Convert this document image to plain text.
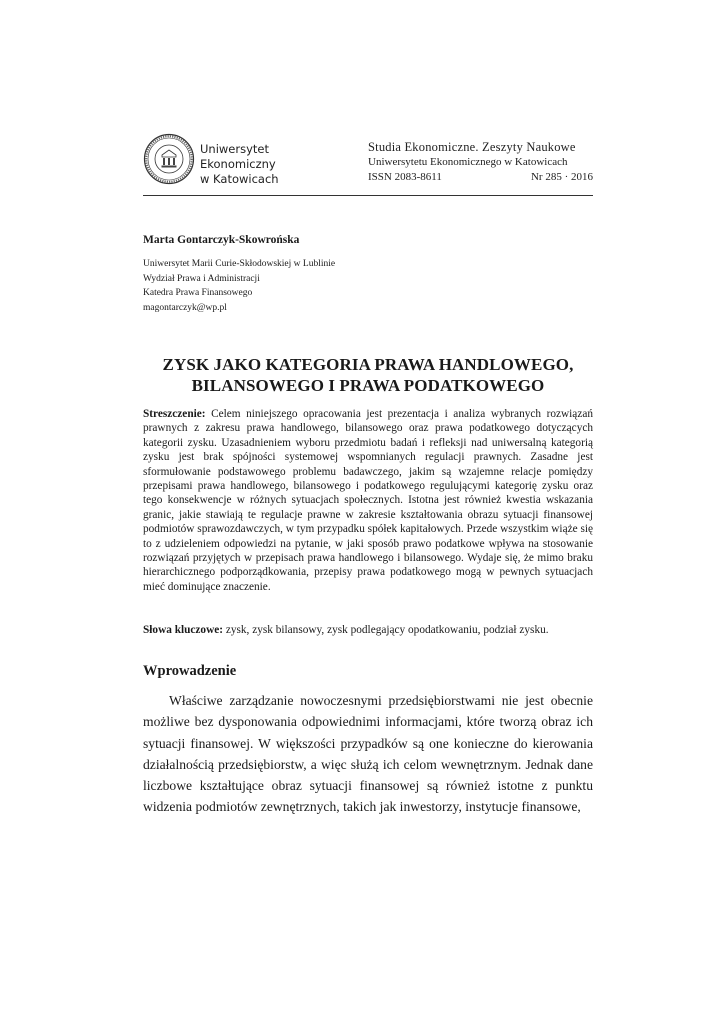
Uniwersytet
Ekonomiczny
w Katowicach
Studia Ekonomiczne. Zeszyty Naukowe
Uniwersytetu Ekonomicznego w Katowicach
ISSN 2083-8611	Nr 285 · 2016
Marta Gontarczyk-Skowrońska
Uniwersytet Marii Curie-Skłodowskiej w Lublinie
Wydział Prawa i Administracji
Katedra Prawa Finansowego
magontarczyk@wp.pl
ZYSK JAKO KATEGORIA PRAWA HANDLOWEGO,
BILANSOWEGO I PRAWA PODATKOWEGO
Streszczenie: Celem niniejszego opracowania jest prezentacja i analiza wybranych rozwiązań prawnych z zakresu prawa handlowego, bilansowego oraz prawa podatkowego dotyczących kategorii zysku. Uzasadnieniem wyboru przedmiotu badań i refleksji nad uniwersalną kategorią zysku jest brak spójności systemowej wspomnianych regulacji prawnych. Zasadne jest sformułowanie podstawowego problemu badawczego, jakim są wzajemne relacje pomiędzy przepisami prawa handlowego, bilansowego i podatkowego regulującymi kategorię zysku oraz tego konsekwencje w różnych sytuacjach społecznych. Istotna jest również kwestia wskazania granic, jakie stawiają te regulacje prawne w zakresie kształtowania obrazu sytuacji finansowej podmiotów sprawozdawczych, w tym przypadku spółek kapitałowych. Przede wszystkim wiąże się to z udzieleniem odpowiedzi na pytanie, w jaki sposób prawo podatkowe wpływa na stosowanie rozwiązań przyjętych w przepisach prawa handlowego i bilansowego. Wydaje się, że mimo braku hierarchicznego podporządkowania, przepisy prawa podatkowego mogą w pewnych sytuacjach mieć dominujące znaczenie.
Słowa kluczowe: zysk, zysk bilansowy, zysk podlegający opodatkowaniu, podział zysku.
Wprowadzenie
Właściwe zarządzanie nowoczesnymi przedsiębiorstwami nie jest obecnie możliwe bez dysponowania odpowiednimi informacjami, które tworzą obraz ich sytuacji finansowej. W większości przypadków są one konieczne do kierowania działalnością przedsiębiorstw, a więc służą ich celom wewnętrznym. Jednak dane liczbowe kształtujące obraz sytuacji finansowej są również istotne z punktu widzenia podmiotów zewnętrznych, takich jak inwestorzy, instytucje finansowe,
